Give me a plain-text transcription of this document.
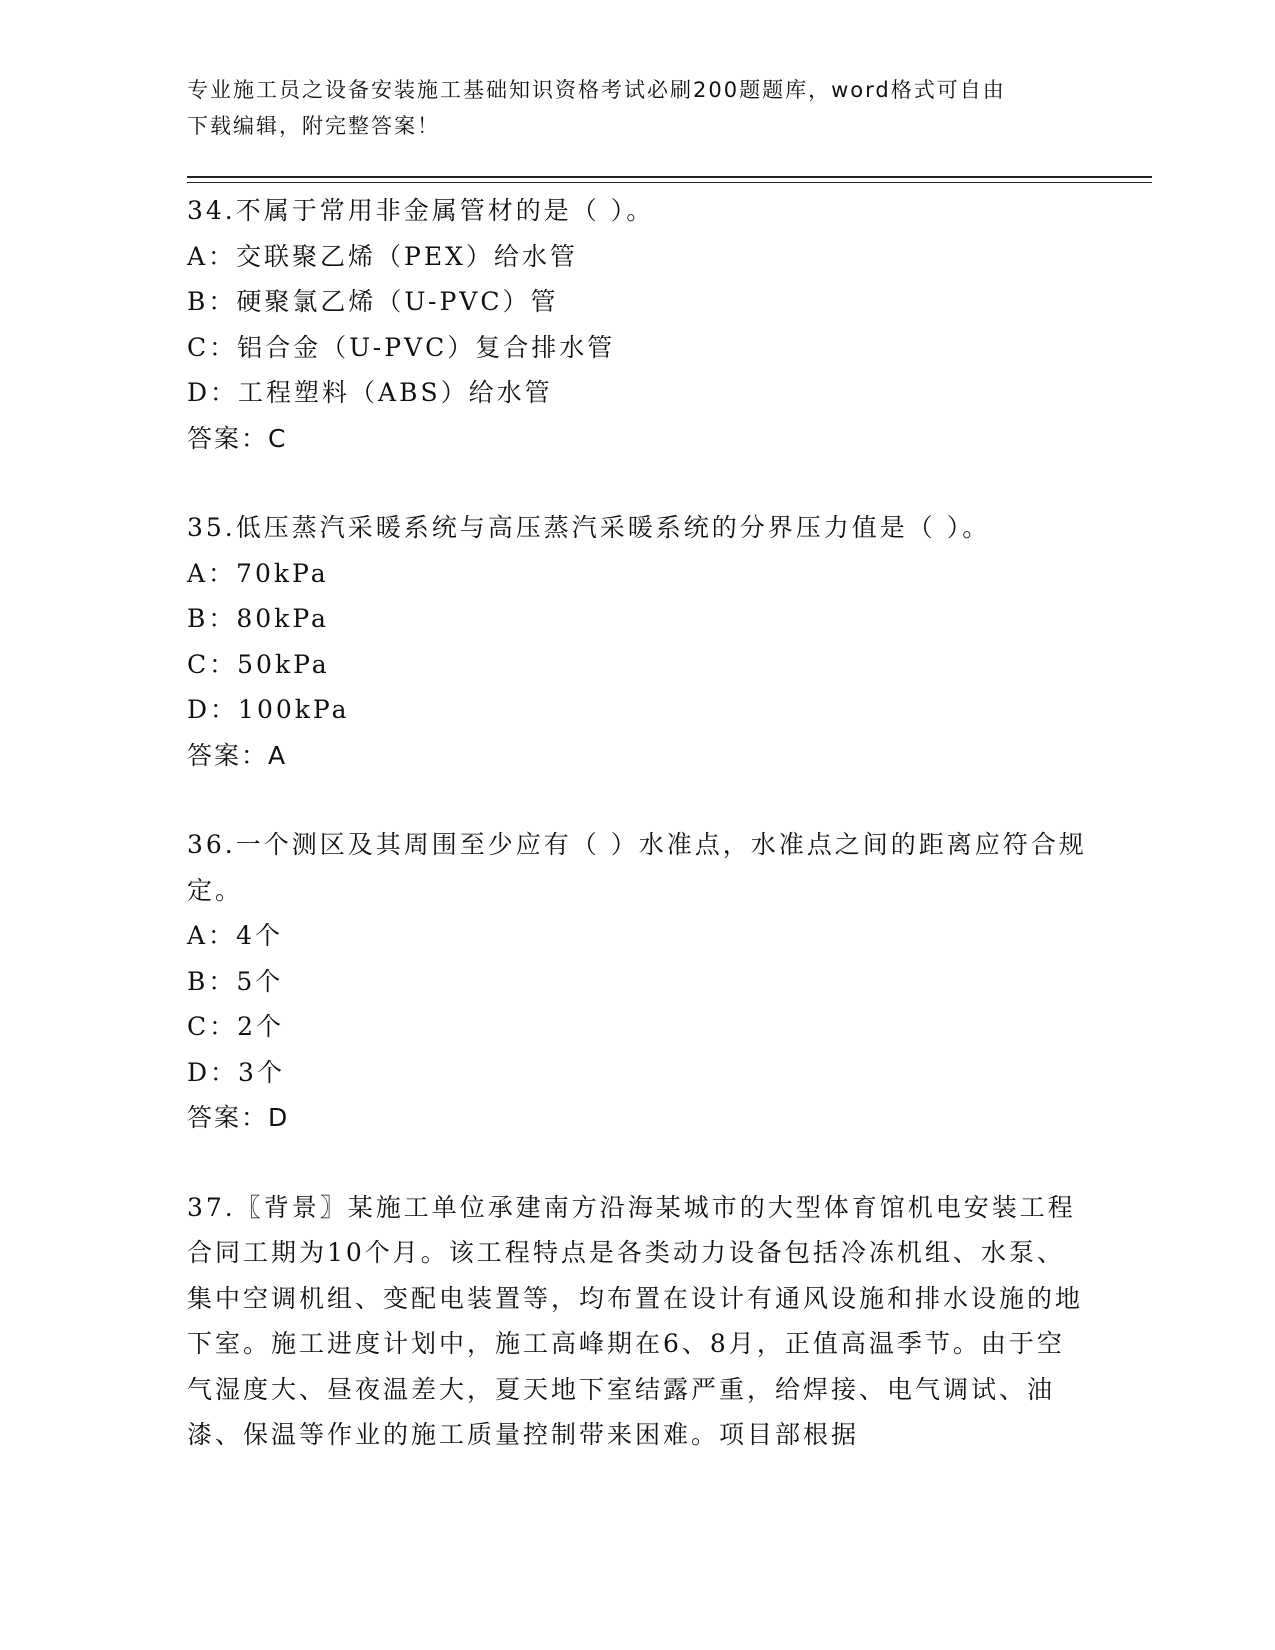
专业施工员之设备安装施工基础知识资格考试必刷200题题库，word格式可自由
下载编辑，附完整答案！

34.不属于常用非金属管材的是（ ）。

A：交联聚乙烯（PEX）给水管

B：硬聚氯乙烯（U-PVC）管

C：铝合金（U-PVC）复合排水管

D：工程塑料（ABS）给水管

答案：C

35.低压蒸汽采暖系统与高压蒸汽采暖系统的分界压力值是（ ）。

A：70kPa

B：80kPa

C：50kPa

D：100kPa

答案：A

36.一个测区及其周围至少应有（ ）水准点，水准点之间的距离应符合规定。

A：4个

B：5个

C：2个

D：3个

答案：D

37.〖背景〗某施工单位承建南方沿海某城市的大型体育馆机电安装工程合同工期为10个月。该工程特点是各类动力设备包括冷冻机组、水泵、集中空调机组、变配电装置等，均布置在设计有通风设施和排水设施的地下室。施工进度计划中，施工高峰期在6、8月，正值高温季节。由于空气湿度大、昼夜温差大，夏天地下室结露严重，给焊接、电气调试、油漆、保温等作业的施工质量控制带来困难。项目部根据
